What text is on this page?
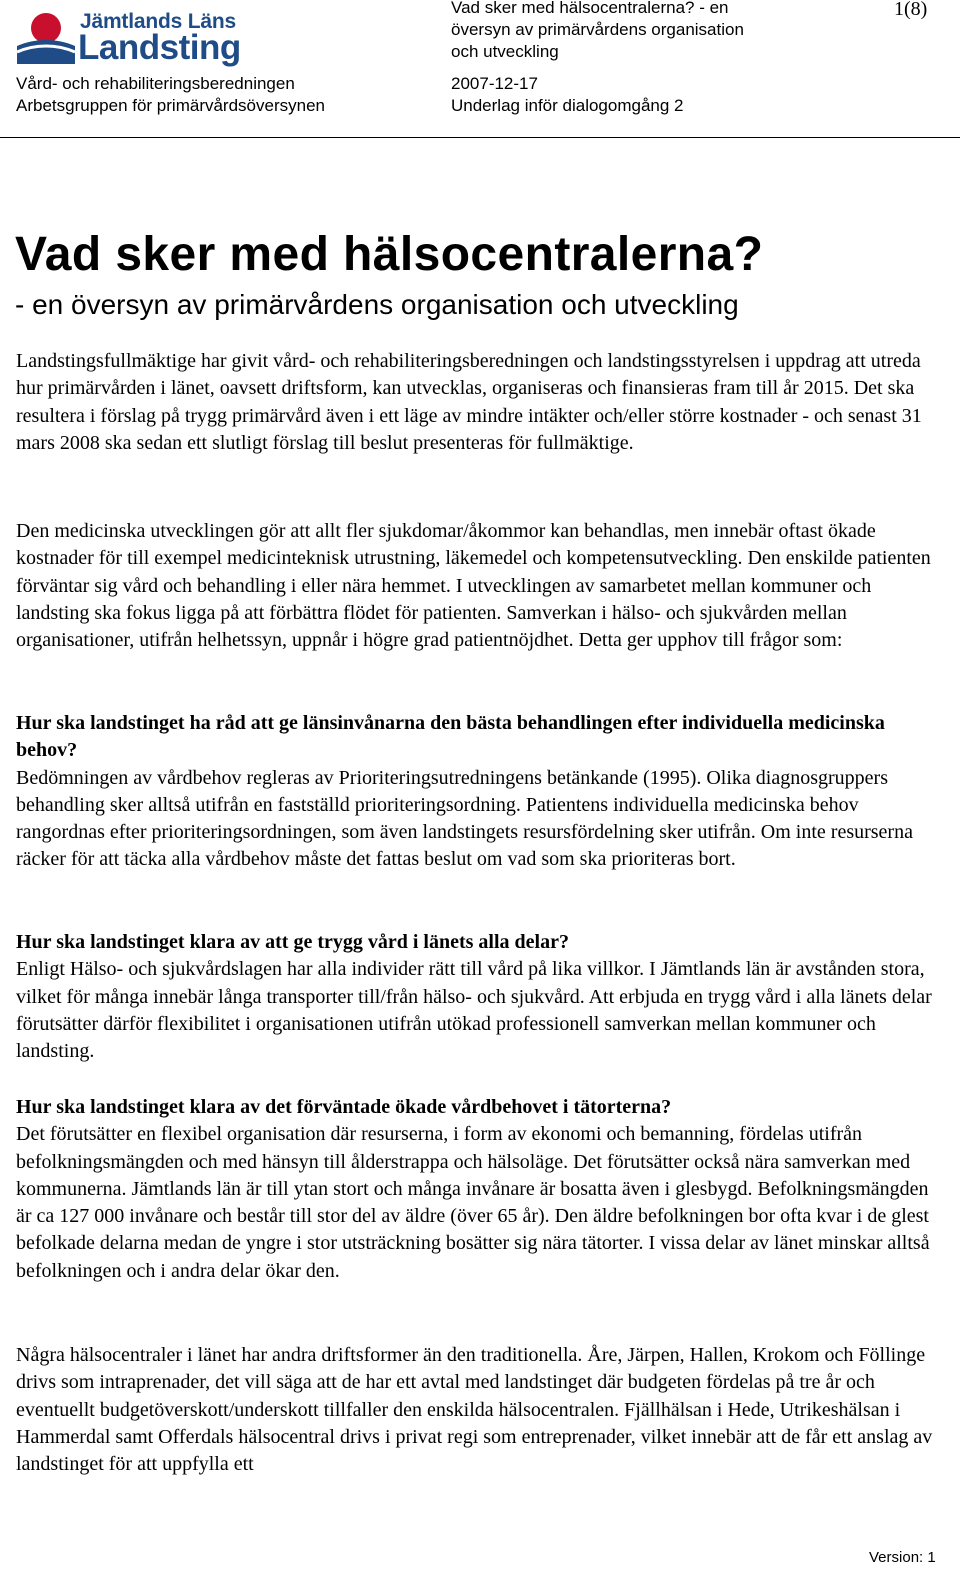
Jämtlands Läns
Landsting
Vad sker med hälsocentralerna? - en
översyn av primärvårdens organisation
och utveckling
1(8)
Vård- och rehabiliteringsberedningen
Arbetsgruppen för primärvårdsöversynen
2007-12-17
Underlag inför dialogomgång 2
Vad sker med hälsocentralerna?
- en översyn av primärvårdens organisation och utveckling

Landstingsfullmäktige har givit vård- och rehabiliteringsberedningen och landstingsstyrelsen i uppdrag att utreda hur primärvården i länet, oavsett driftsform, kan utvecklas, organiseras och finansieras fram till år 2015. Det ska resultera i förslag på trygg primärvård även i ett läge av mindre intäkter och/eller större kostnader - och senast 31 mars 2008 ska sedan ett slutligt förslag till beslut presenteras för fullmäktige.

Den medicinska utvecklingen gör att allt fler sjukdomar/åkommor kan behandlas, men innebär oftast ökade kostnader för till exempel medicinteknisk utrustning, läkemedel och kompetensutveckling. Den enskilde patienten förväntar sig vård och behandling i eller nära hemmet. I utvecklingen av samarbetet mellan kommuner och landsting ska fokus ligga på att förbättra flödet för patienten. Samverkan i hälso- och sjukvården mellan organisationer, utifrån helhetssyn, uppnår i högre grad patientnöjdhet. Detta ger upphov till frågor som:

Hur ska landstinget ha råd att ge länsinvånarna den bästa behandlingen efter individuella medicinska behov?

Bedömningen av vårdbehov regleras av Prioriteringsutredningens betänkande (1995). Olika diagnosgruppers behandling sker alltså utifrån en fastställd prioriteringsordning. Patientens individuella medicinska behov rangordnas efter prioriteringsordningen, som även landstingets resursfördelning sker utifrån. Om inte resurserna räcker för att täcka alla vårdbehov måste det fattas beslut om vad som ska prioriteras bort.

Hur ska landstinget klara av att ge trygg vård i länets alla delar?

Enligt Hälso- och sjukvårdslagen har alla individer rätt till vård på lika villkor. I Jämtlands län är avstånden stora, vilket för många innebär långa transporter till/från hälso- och sjukvård. Att erbjuda en trygg vård i alla länets delar förutsätter därför flexibilitet i organisationen utifrån utökad professionell samverkan mellan kommuner och landsting.

Hur ska landstinget klara av det förväntade ökade vårdbehovet i tätorterna?

Det förutsätter en flexibel organisation där resurserna, i form av ekonomi och bemanning, fördelas utifrån befolkningsmängden och med hänsyn till ålderstrappa och hälsoläge. Det förutsätter också nära samverkan med kommunerna. Jämtlands län är till ytan stort och många invånare är bosatta även i glesbygd. Befolkningsmängden är ca 127 000 invånare och består till stor del av äldre (över 65 år). Den äldre befolkningen bor ofta kvar i de glest befolkade delarna medan de yngre i stor utsträckning bosätter sig nära tätorter. I vissa delar av länet minskar alltså befolkningen och i andra delar ökar den.

Några hälsocentraler i länet har andra driftsformer än den traditionella. Åre, Järpen, Hallen, Krokom och Föllinge drivs som intraprenader, det vill säga att de har ett avtal med landstinget där budgeten fördelas på tre år och eventuellt budgetöverskott/underskott tillfaller den enskilda hälsocentralen. Fjällhälsan i Hede, Utrikeshälsan i Hammerdal samt Offerdals hälsocentral drivs i privat regi som entreprenader, vilket innebär att de får ett anslag av landstinget för att uppfylla ett

Version: 1
